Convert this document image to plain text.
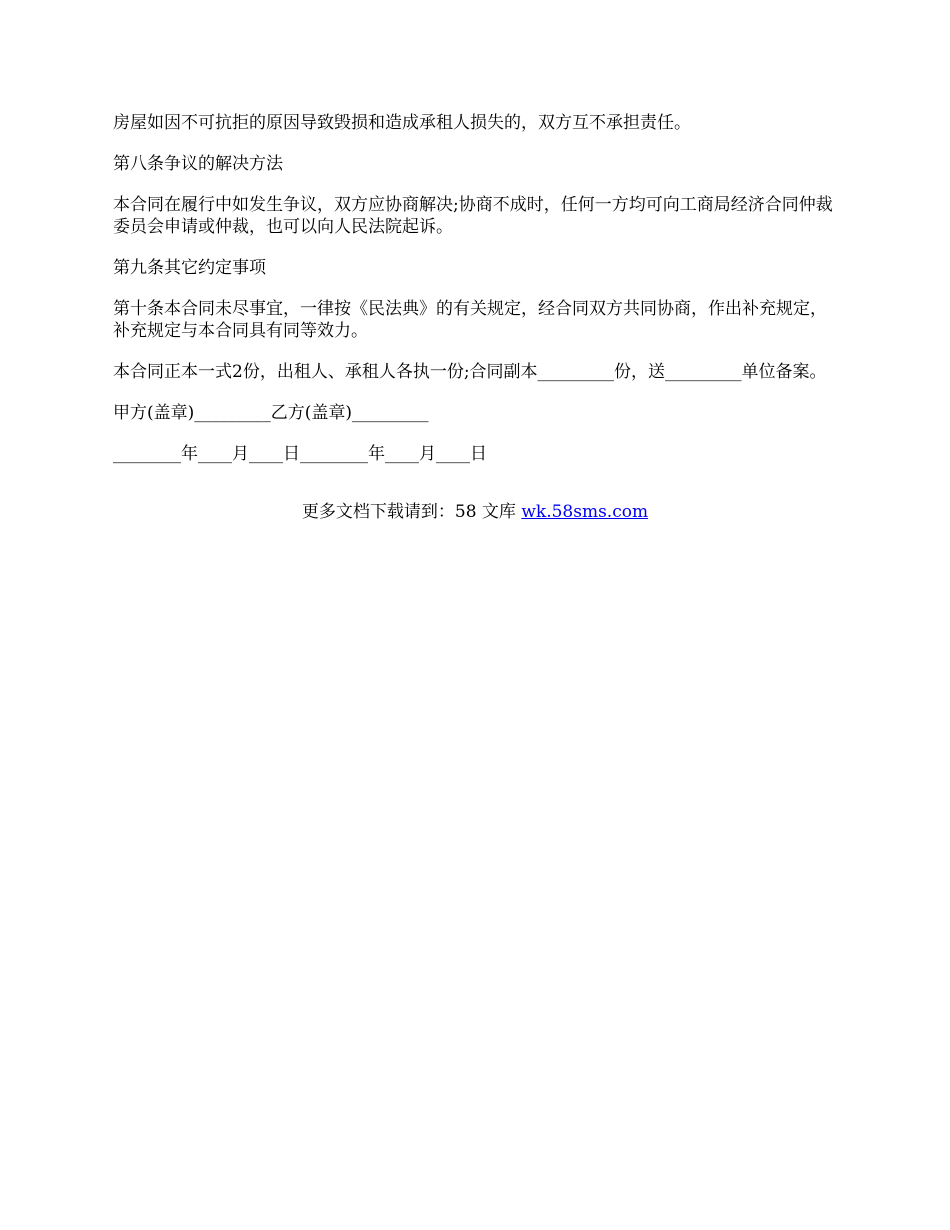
房屋如因不可抗拒的原因导致毁损和造成承租人损失的，双方互不承担责任。

第八条争议的解决方法

本合同在履行中如发生争议，双方应协商解决;协商不成时，任何一方均可向工商局经济合同仲裁委员会申请或仲裁，也可以向人民法院起诉。

第九条其它约定事项

第十条本合同未尽事宜，一律按《民法典》的有关规定，经合同双方共同协商，作出补充规定，补充规定与本合同具有同等效力。

本合同正本一式2份，出租人、承租人各执一份;合同副本_________份，送_________单位备案。

甲方(盖章)_________乙方(盖章)_________

________年____月____日________年____月____日

更多文档下载请到：58 文库 wk.58sms.com
